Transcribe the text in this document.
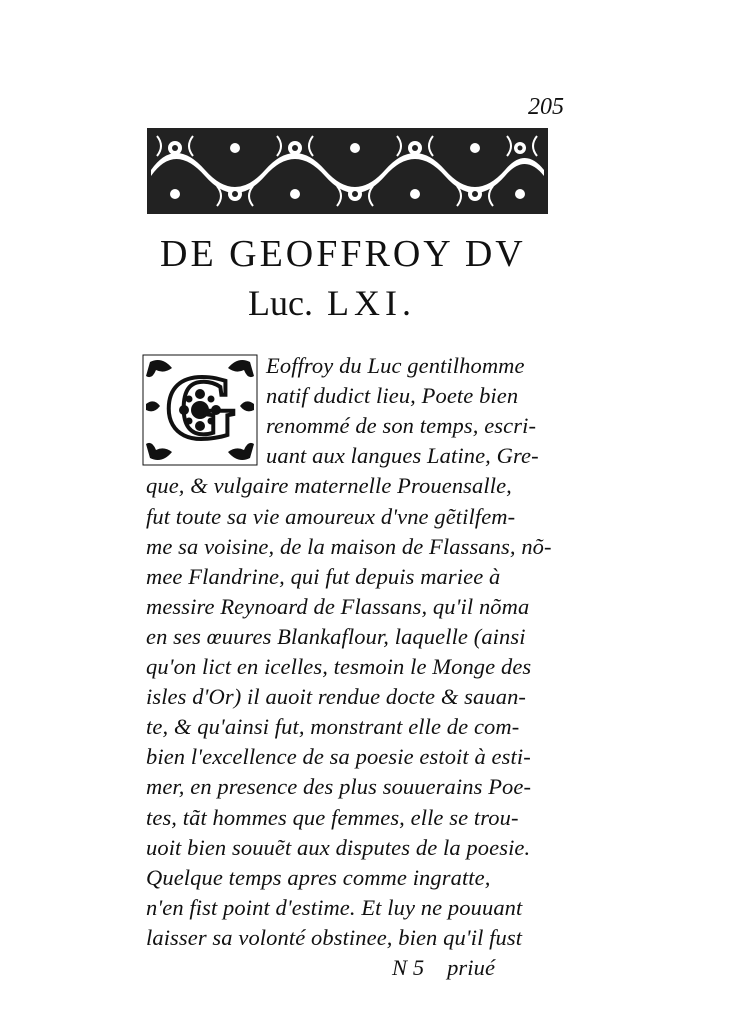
205
DE GEOFFROY DV
Luc. LXI.
G Eoffroy du Luc gentilhomme
natif dudict lieu, Poete bien
renommé de son temps, escri-
uant aux langues Latine, Gre-
que, & vulgaire maternelle Prouensalle,
fut toute sa vie amoureux d'vne gẽtilfem-
me sa voisine, de la maison de Flassans, nõ-
mee Flandrine, qui fut depuis mariee à
messire Reynoard de Flassans, qu'il nõma
en ses œuures Blankaflour, laquelle (ainsi
qu'on lict en icelles, tesmoin le Monge des
isles d'Or) il auoit rendue docte & sauan-
te, & qu'ainsi fut, monstrant elle de com-
bien l'excellence de sa poesie estoit à esti-
mer, en presence des plus souuerains Poe-
tes, tãt hommes que femmes, elle se trou-
uoit bien souuẽt aux disputes de la poesie.
Quelque temps apres comme ingratte,
n'en fist point d'estime. Et luy ne pouuant
laisser sa volonté obstinee, bien qu'il fust
N 5    priué
